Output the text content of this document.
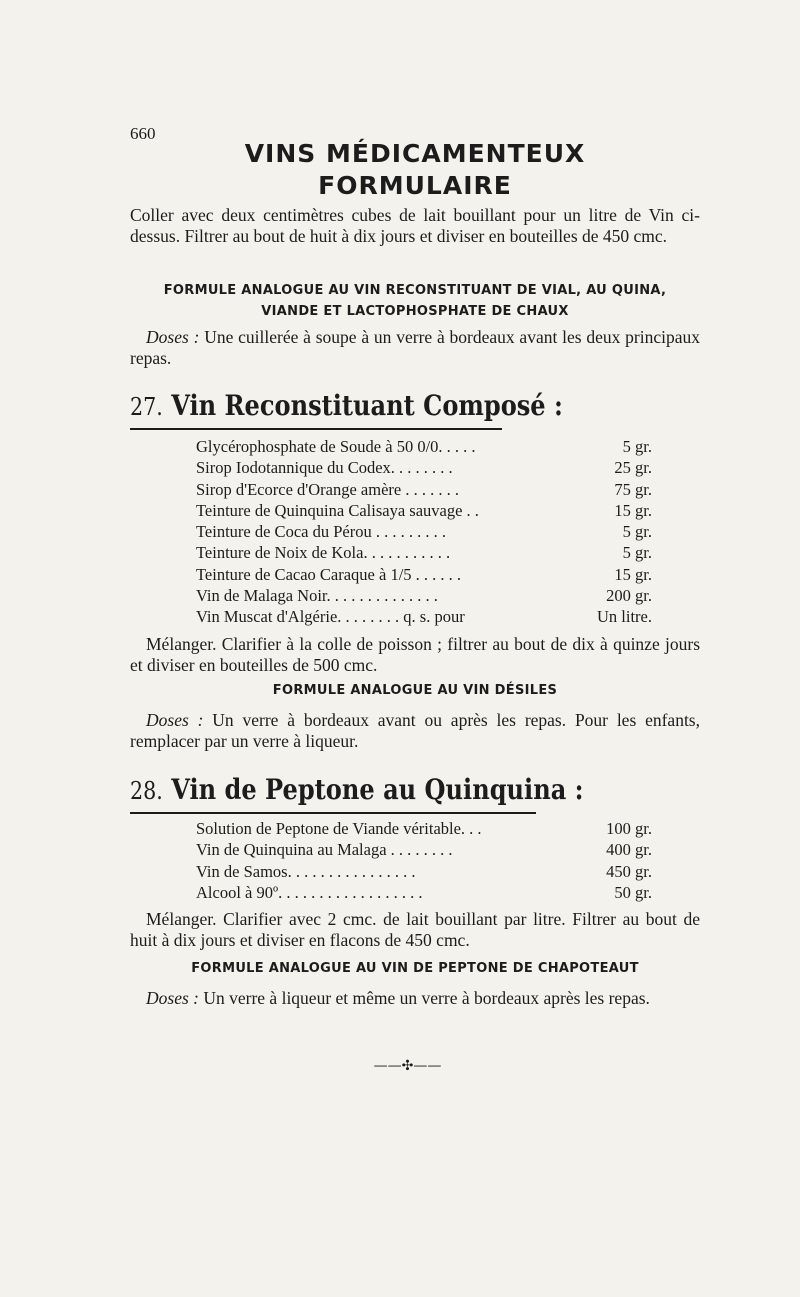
660
VINS MÉDICAMENTEUX
FORMULAIRE

Coller avec deux centimètres cubes de lait bouillant pour un litre de Vin ci-dessus. Filtrer au bout de huit à dix jours et diviser en bouteilles de 450 cmc.

FORMULE ANALOGUE AU VIN RECONSTITUANT DE VIAL, AU QUINA,
VIANDE ET LACTOPHOSPHATE DE CHAUX

Doses : Une cuillerée à soupe à un verre à bordeaux avant les deux principaux repas.

27. Vin Reconstituant Composé :
Glycérophosphate de Soude à 50 0/0. . . . .	5 gr.
Sirop Iodotannique du Codex. . . . . . . .	25 gr.
Sirop d'Ecorce d'Orange amère . . . . . . .	75 gr.
Teinture de Quinquina Calisaya sauvage . .	15 gr.
Teinture de Coca du Pérou . . . . . . . . .	5 gr.
Teinture de Noix de Kola. . . . . . . . . . .	5 gr.
Teinture de Cacao Caraque à 1/5 . . . . . .	15 gr.
Vin de Malaga Noir. . . . . . . . . . . . . .	200 gr.
Vin Muscat d'Algérie. . . . . . . . q. s. pour	Un litre.

Mélanger. Clarifier à la colle de poisson ; filtrer au bout de dix à quinze jours et diviser en bouteilles de 500 cmc.

FORMULE ANALOGUE AU VIN DÉSILES

Doses : Un verre à bordeaux avant ou après les repas. Pour les enfants, remplacer par un verre à liqueur.

28. Vin de Peptone au Quinquina :
Solution de Peptone de Viande véritable. . .	100 gr.
Vin de Quinquina au Malaga . . . . . . . .	400 gr.
Vin de Samos. . . . . . . . . . . . . . . .	450 gr.
Alcool à 90º. . . . . . . . . . . . . . . . . .	50 gr.

Mélanger. Clarifier avec 2 cmc. de lait bouillant par litre. Filtrer au bout de huit à dix jours et diviser en flacons de 450 cmc.

FORMULE ANALOGUE AU VIN DE PEPTONE DE CHAPOTEAUT

Doses : Un verre à liqueur et même un verre à bordeaux après les repas.

——✣——
